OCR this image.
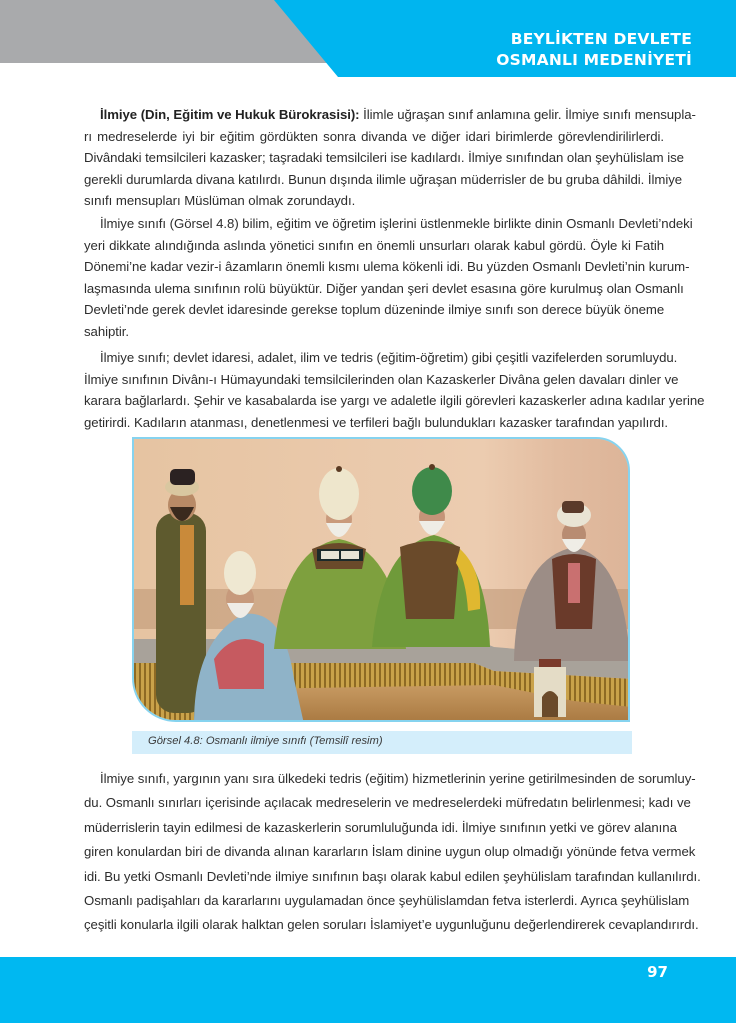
BEYLİKTEN DEVLETE
OSMANLI MEDENİYETİ
İlmiye (Din, Eğitim ve Hukuk Bürokrasisi): İlimle uğraşan sınıf anlamına gelir. İlmiye sınıfı mensupla-
rı medreselerde iyi bir eğitim gördükten sonra divanda ve diğer idari birimlerde görevlendirilirlerdi.
Divândaki temsilcileri kazasker; taşradaki temsilcileri ise kadılardı. İlmiye sınıfından olan şeyhülislam ise
gerekli durumlarda divana katılırdı. Bunun dışında ilimle uğraşan müderrisler de bu gruba dâhildi. İlmiye
sınıfı mensupları Müslüman olmak zorundaydı.
İlmiye sınıfı (Görsel 4.8) bilim, eğitim ve öğretim işlerini üstlenmekle birlikte dinin Osmanlı Devleti’ndeki
yeri dikkate alındığında aslında yönetici sınıfın en önemli unsurları olarak kabul gördü. Öyle ki Fatih
Dönemi’ne kadar vezir-i âzamların önemli kısmı ulema kökenli idi. Bu yüzden Osmanlı Devleti’nin kurum-
laşmasında ulema sınıfının rolü büyüktür. Diğer yandan şeri devlet esasına göre kurulmuş olan Osmanlı
Devleti’nde gerek devlet idaresinde gerekse toplum düzeninde ilmiye sınıfı son derece büyük öneme
sahiptir.
İlmiye sınıfı; devlet idaresi, adalet, ilim ve tedris (eğitim-öğretim) gibi çeşitli vazifelerden sorumluydu.
İlmiye sınıfının Divânı-ı Hümayundaki temsilcilerinden olan Kazaskerler Divâna gelen davaları dinler ve
karara bağlarlardı. Şehir ve kasabalarda ise yargı ve adaletle ilgili görevleri kazaskerler adına kadılar yerine
getirirdi. Kadıların atanması, denetlenmesi ve terfileri bağlı bulundukları kazasker tarafından yapılırdı.
Görsel 4.8: Osmanlı ilmiye sınıfı (Temsilî resim)
İlmiye sınıfı, yargının yanı sıra ülkedeki tedris (eğitim) hizmetlerinin yerine getirilmesinden de sorumluy-
du. Osmanlı sınırları içerisinde açılacak medreselerin ve medreselerdeki müfredatın belirlenmesi; kadı ve
müderrislerin tayin edilmesi de kazaskerlerin sorumluluğunda idi. İlmiye sınıfının yetki ve görev alanına
giren konulardan biri de divanda alınan kararların İslam dinine uygun olup olmadığı yönünde fetva vermek
idi. Bu yetki Osmanlı Devleti’nde ilmiye sınıfının başı olarak kabul edilen şeyhülislam tarafından kullanılırdı.
Osmanlı padişahları da kararlarını uygulamadan önce şeyhülislamdan fetva isterlerdi. Ayrıca şeyhülislam
çeşitli konularla ilgili olarak halktan gelen soruları İslamiyet’e uygunluğunu değerlendirerek cevaplandırırdı.
97
